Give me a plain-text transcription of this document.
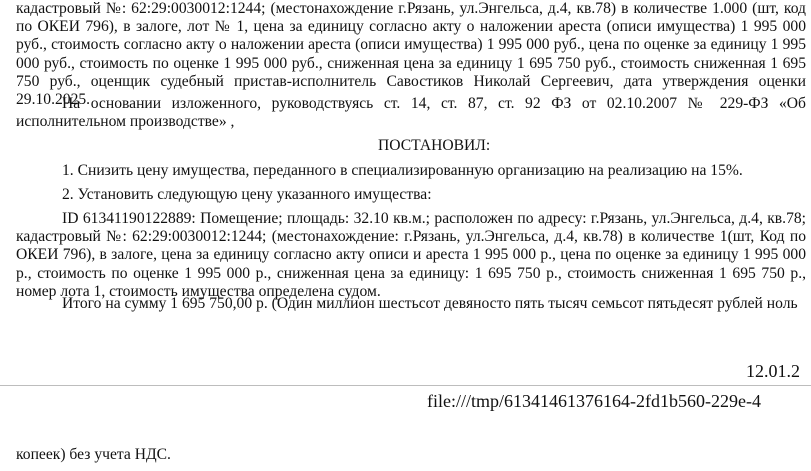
кадастровый №: 62:29:0030012:1244; (местонахождение г.Рязань, ул.Энгельса, д.4, кв.78) в количестве 1.000 (шт, код по ОКЕИ 796), в залоге, лот № 1, цена за единицу согласно акту о наложении ареста (описи имущества) 1 995 000 руб., стоимость согласно акту о наложении ареста (описи имущества) 1 995 000 руб., цена по оценке за единицу 1 995 000 руб., стоимость по оценке 1 995 000 руб., сниженная цена за единицу 1 695 750 руб., стоимость сниженная 1 695 750 руб., оценщик судебный пристав-исполнитель Савостиков Николай Сергеевич, дата утверждения оценки 29.10.2025.

На основании изложенного, руководствуясь ст. 14, ст. 87, ст. 92 ФЗ от 02.10.2007 № 229-ФЗ «Об исполнительном производстве» ,

ПОСТАНОВИЛ:

1. Снизить цену имущества, переданного в специализированную организацию на реализацию на 15%.

2. Установить следующую цену указанного имущества:

ID 61341190122889: Помещение; площадь: 32.10 кв.м.; расположен по адресу: г.Рязань, ул.Энгельса, д.4, кв.78; кадастровый №: 62:29:0030012:1244; (местонахождение: г.Рязань, ул.Энгельса, д.4, кв.78) в количестве 1(шт, Код по ОКЕИ 796), в залоге, цена за единицу согласно акту описи и ареста 1 995 000 р., цена по оценке за единицу 1 995 000 р., стоимость по оценке 1 995 000 р., сниженная цена за единицу: 1 695 750 р., стоимость сниженная 1 695 750 р., номер лота 1, стоимость имущества определена судом.

Итого на сумму 1 695 750,00 р. (Один миллион шестьсот девяносто пять тысяч семьсот пятьдесят рублей ноль

12.01.2

file:///tmp/61341461376164-2fd1b560-229e-4

копеек) без учета НДС.
